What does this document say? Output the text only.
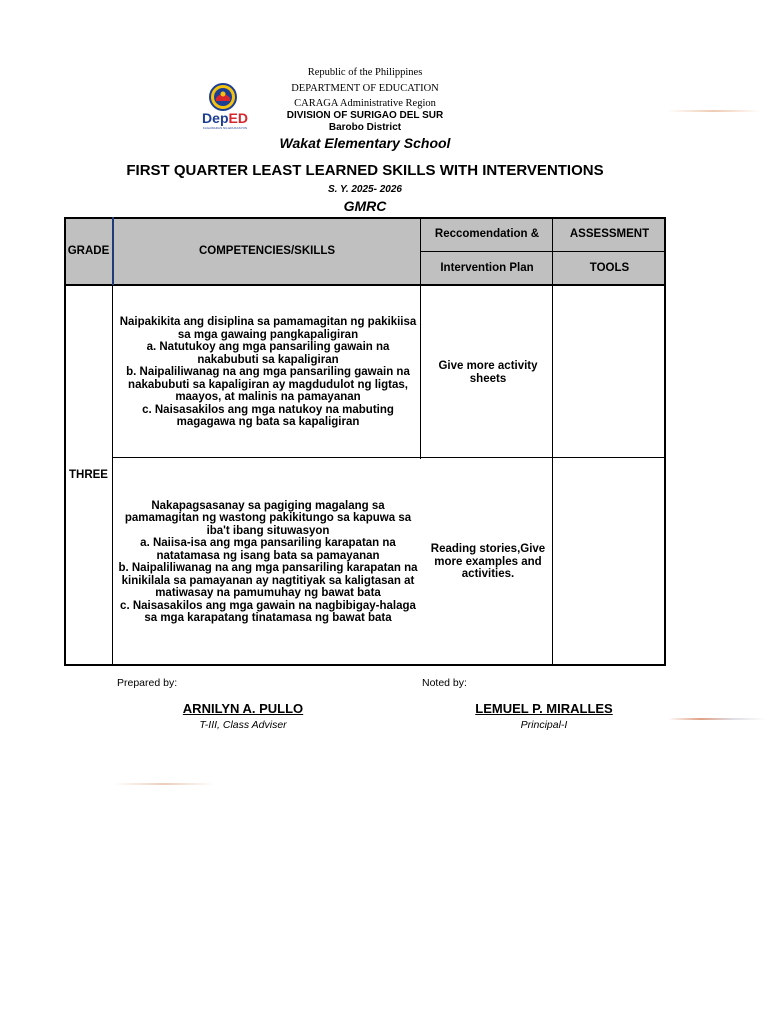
DepED
KAGAWARAN NG EDUKASYON
Republic of the Philippines
DEPARTMENT OF EDUCATION
CARAGA Administrative Region
DIVISION OF SURIGAO DEL SUR
Barobo District
Wakat Elementary School
FIRST QUARTER LEAST LEARNED SKILLS WITH INTERVENTIONS
S. Y. 2025- 2026
GMRC
GRADE	COMPETENCIES/SKILLS
Reccomendation &
Intervention Plan
ASSESSMENT
TOOLS
THREE
Naipakikita ang disiplina sa pamamagitan ng pakikiisa sa mga gawaing pangkapaligiran
a. Natutukoy ang mga pansariling gawain na nakabubuti sa kapaligiran
b. Naipaliliwanag na ang mga pansariling gawain na nakabubuti sa kapaligiran ay magdudulot ng ligtas, maayos, at malinis na pamayanan
c. Naisasakilos ang mga natukoy na mabuting magagawa ng bata sa kapaligiran
Give more activity sheets
Nakapagsasanay sa pagiging magalang sa pamamagitan ng wastong pakikitungo sa kapuwa sa iba't ibang situwasyon
a. Naiisa-isa ang mga pansariling karapatan na natatamasa ng isang bata sa pamayanan
b. Naipaliliwanag na ang mga pansariling karapatan na kinikilala sa pamayanan ay nagtitiyak sa kaligtasan at matiwasay na pamumuhay ng bawat bata
c. Naisasakilos ang mga gawain na nagbibigay-halaga sa mga karapatang tinatamasa ng bawat bata
Reading stories,Give more examples and activities.
Prepared by:	Noted by:
ARNILYN A. PULLO
T-III, Class Adviser
LEMUEL P. MIRALLES
Principal-I
